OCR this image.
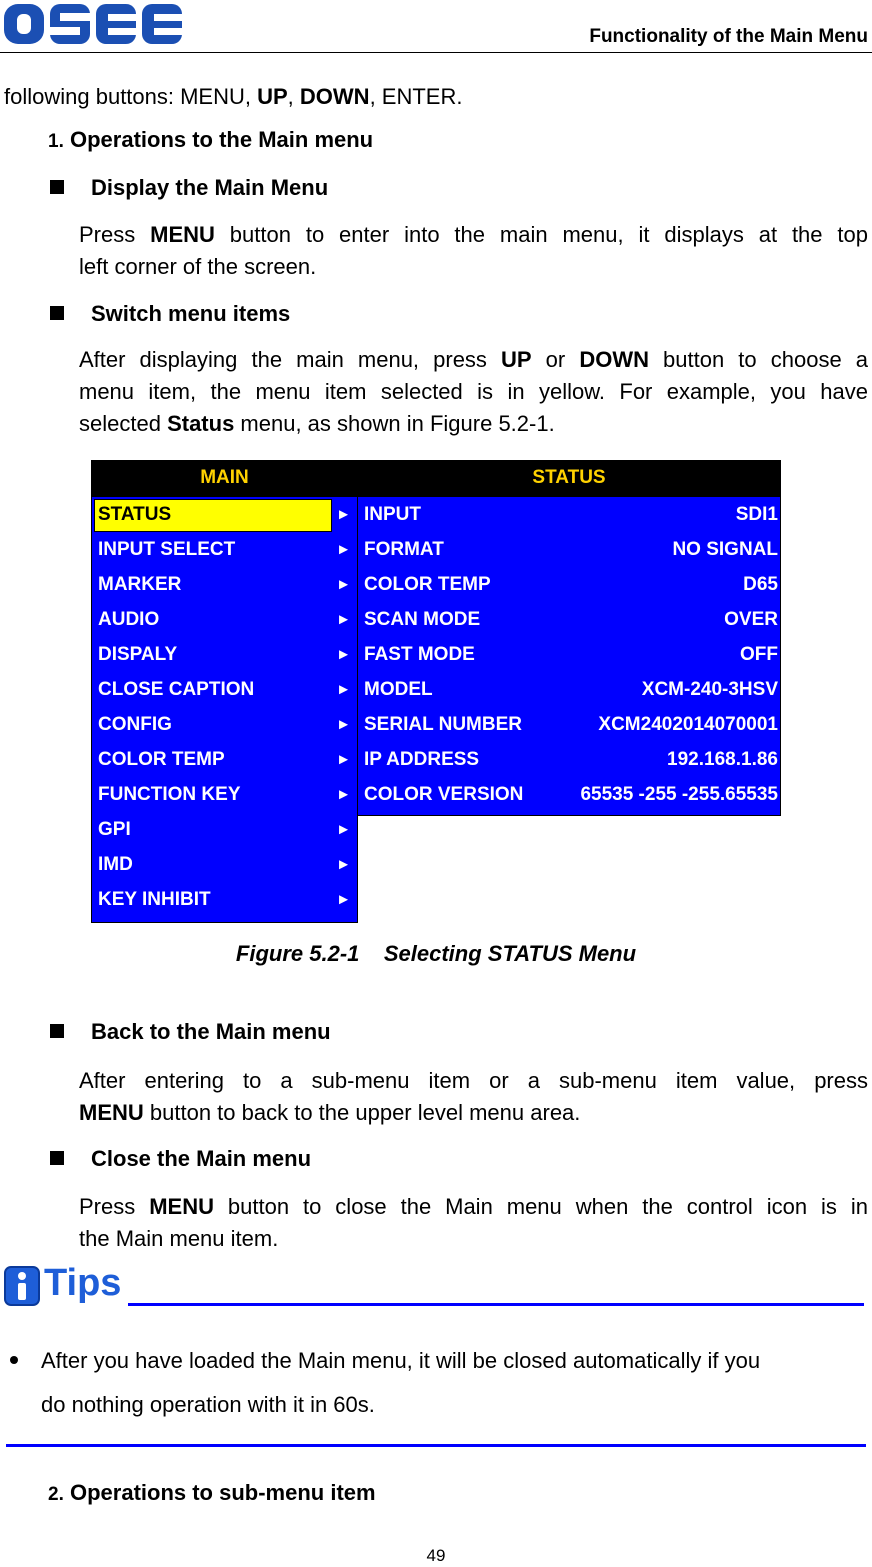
Functionality of the Main Menu
following buttons: MENU, UP, DOWN, ENTER.
1. Operations to the Main menu
Display the Main Menu
Press MENU button to enter into the main menu, it displays at the top
left corner of the screen.
Switch menu items
After displaying the main menu, press UP or DOWN button to choose a
menu item, the menu item selected is in yellow. For example, you have
selected Status menu, as shown in Figure 5.2-1.
MAIN
STATUS	►
INPUT SELECT	►
MARKER	►
AUDIO	►
DISPALY	►
CLOSE CAPTION	►
CONFIG	►
COLOR TEMP	►
FUNCTION KEY	►
GPI	►
IMD	►
KEY INHIBIT	►
STATUS
INPUT	SDI1
FORMAT	NO SIGNAL
COLOR TEMP	D65
SCAN MODE	OVER
FAST MODE	OFF
MODEL	XCM-240-3HSV
SERIAL NUMBER	XCM2402014070001
IP ADDRESS	192.168.1.86
COLOR VERSION	65535 -255 -255.65535
Figure 5.2-1    Selecting STATUS Menu
Back to the Main menu
After entering to a sub-menu item or a sub-menu item value, press
MENU button to back to the upper level menu area.
Close the Main menu
Press MENU button to close the Main menu when the control icon is in
the Main menu item.
Tips
After you have loaded the Main menu, it will be closed automatically if you
do nothing operation with it in 60s.
2. Operations to sub-menu item
49
